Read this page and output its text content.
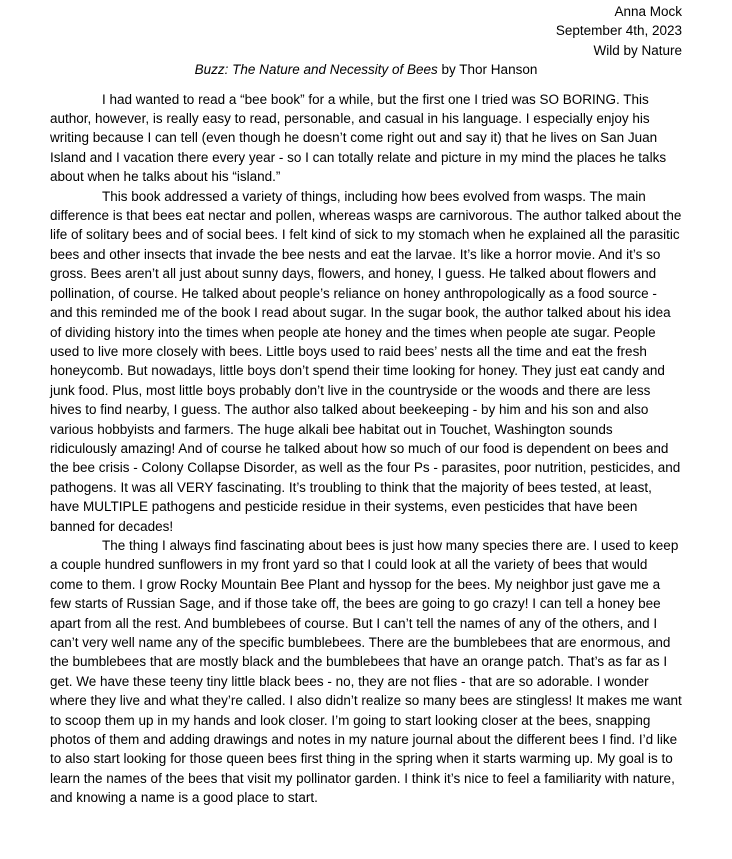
Anna Mock
September 4th, 2023
Wild by Nature
Buzz: The Nature and Necessity of Bees by Thor Hanson

I had wanted to read a “bee book” for a while, but the first one I tried was SO BORING. This author, however, is really easy to read, personable, and casual in his language. I especially enjoy his writing because I can tell (even though he doesn’t come right out and say it) that he lives on San Juan Island and I vacation there every year - so I can totally relate and picture in my mind the places he talks about when he talks about his “island.”

This book addressed a variety of things, including how bees evolved from wasps. The main difference is that bees eat nectar and pollen, whereas wasps are carnivorous. The author talked about the life of solitary bees and of social bees. I felt kind of sick to my stomach when he explained all the parasitic bees and other insects that invade the bee nests and eat the larvae. It’s like a horror movie. And it’s so gross. Bees aren’t all just about sunny days, flowers, and honey, I guess. He talked about flowers and pollination, of course. He talked about people’s reliance on honey anthropologically as a food source - and this reminded me of the book I read about sugar. In the sugar book, the author talked about his idea of dividing history into the times when people ate honey and the times when people ate sugar. People used to live more closely with bees. Little boys used to raid bees’ nests all the time and eat the fresh honeycomb. But nowadays, little boys don’t spend their time looking for honey. They just eat candy and junk food. Plus, most little boys probably don’t live in the countryside or the woods and there are less hives to find nearby, I guess. The author also talked about beekeeping - by him and his son and also various hobbyists and farmers. The huge alkali bee habitat out in Touchet, Washington sounds ridiculously amazing! And of course he talked about how so much of our food is dependent on bees and the bee crisis - Colony Collapse Disorder, as well as the four Ps - parasites, poor nutrition, pesticides, and pathogens. It was all VERY fascinating. It’s troubling to think that the majority of bees tested, at least, have MULTIPLE pathogens and pesticide residue in their systems, even pesticides that have been banned for decades!

The thing I always find fascinating about bees is just how many species there are. I used to keep a couple hundred sunflowers in my front yard so that I could look at all the variety of bees that would come to them. I grow Rocky Mountain Bee Plant and hyssop for the bees. My neighbor just gave me a few starts of Russian Sage, and if those take off, the bees are going to go crazy! I can tell a honey bee apart from all the rest. And bumblebees of course. But I can’t tell the names of any of the others, and I can’t very well name any of the specific bumblebees. There are the bumblebees that are enormous, and the bumblebees that are mostly black and the bumblebees that have an orange patch. That’s as far as I get. We have these teeny tiny little black bees - no, they are not flies - that are so adorable. I wonder where they live and what they’re called. I also didn’t realize so many bees are stingless! It makes me want to scoop them up in my hands and look closer. I’m going to start looking closer at the bees, snapping photos of them and adding drawings and notes in my nature journal about the different bees I find. I’d like to also start looking for those queen bees first thing in the spring when it starts warming up. My goal is to learn the names of the bees that visit my pollinator garden. I think it’s nice to feel a familiarity with nature, and knowing a name is a good place to start.
